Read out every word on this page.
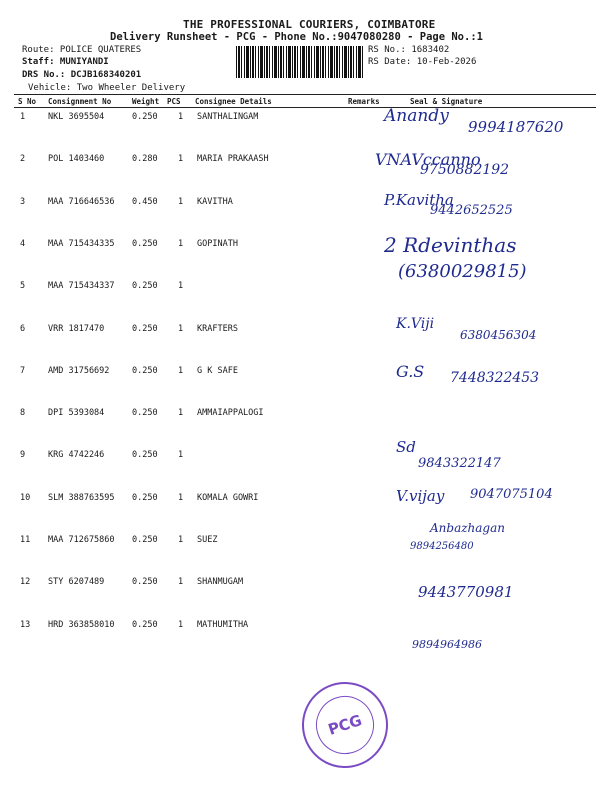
THE PROFESSIONAL COURIERS, COIMBATORE
Delivery Runsheet - PCG - Phone No.:9047080280 - Page No.:1
Route: POLICE QUATERES
Staff: MUNIYANDI
DRS No.: DCJB168340201
Vehicle: Two Wheeler Delivery
RS No.: 1683402
RS Date: 10-Feb-2026
S No Consignment No	Weight PCS Consignee Details	Remarks	Seal & Signature
1	NKL 3695504	0.250 1 SANTHALINGAM	Anandy
9994187620
2	POL 1403460	0.280 1 MARIA PRAKAASH	VNAVccanno
9750882192
3	MAA 716646536 0.450 1 KAVITHA	P.Kavitha
9442652525
4	MAA 715434335 0.250 1 GOPINATH	2 Rdevinthas
(6380029815)
5	MAA 715434337 0.250 1
6	VRR 1817470	0.250 1 KRAFTERS	K.Viji
6380456304
7	AMD 31756692	0.250 1 G K SAFE	G.S 7448322453
8	DPI 5393084	0.250 1 AMMAIAPPALOGI
9	KRG 4742246	0.250 1	Sd
9843322147
10 SLM 388763595 0.250 1 KOMALA GOWRI	V.vijay 9047075104
11 MAA 712675860 0.250 1 SUEZ
Anbazhagan
9894256480
12 STY 6207489	0.250 1 SHANMUGAM
9443770981
13 HRD 363858010 0.250 1 MATHUMITHA
9894964986
PCG
